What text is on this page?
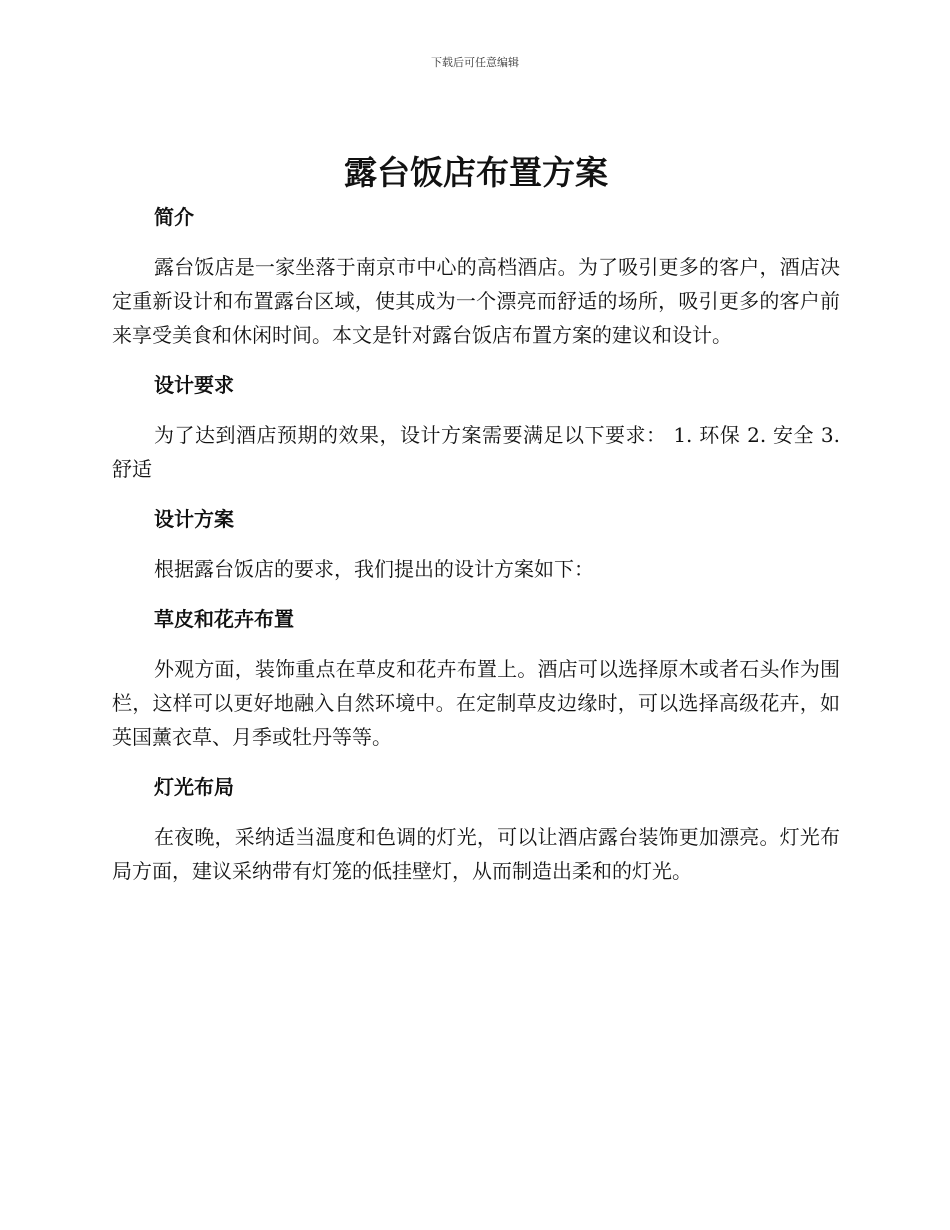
下载后可任意编辑
露台饭店布置方案
简介

露台饭店是一家坐落于南京市中心的高档酒店。为了吸引更多的客户，酒店决定重新设计和布置露台区域，使其成为一个漂亮而舒适的场所，吸引更多的客户前来享受美食和休闲时间。本文是针对露台饭店布置方案的建议和设计。

设计要求

为了达到酒店预期的效果，设计方案需要满足以下要求： 1. 环保 2. 安全 3. 舒适

设计方案

根据露台饭店的要求，我们提出的设计方案如下：

草皮和花卉布置

外观方面，装饰重点在草皮和花卉布置上。酒店可以选择原木或者石头作为围栏，这样可以更好地融入自然环境中。在定制草皮边缘时，可以选择高级花卉，如英国薰衣草、月季或牡丹等等。

灯光布局

在夜晚，采纳适当温度和色调的灯光，可以让酒店露台装饰更加漂亮。灯光布局方面，建议采纳带有灯笼的低挂壁灯，从而制造出柔和的灯光。
